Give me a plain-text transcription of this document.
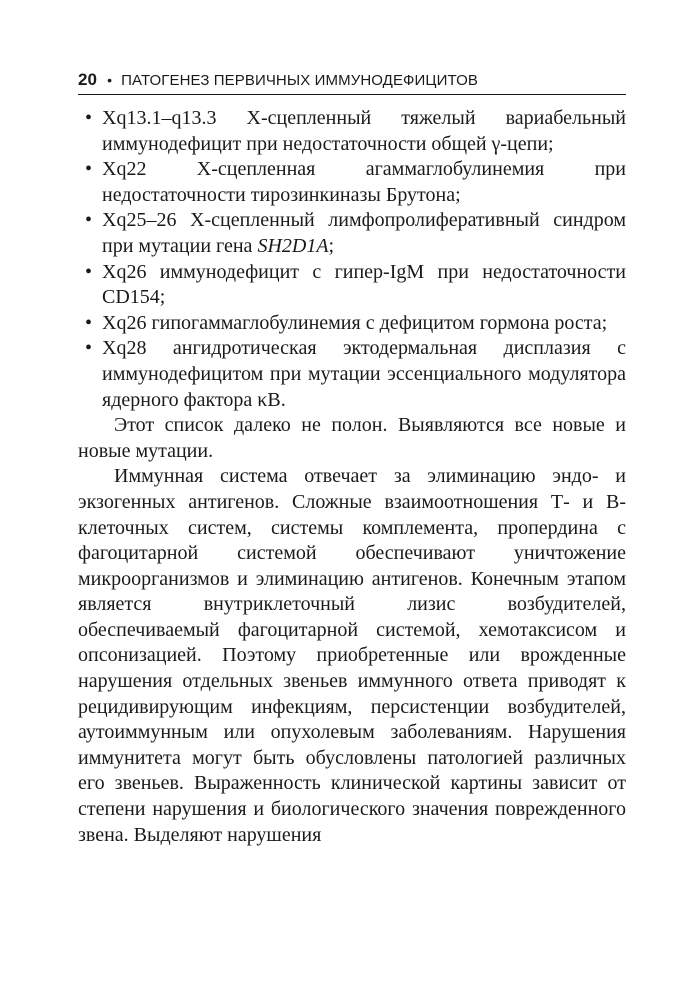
20 • ПАТОГЕНЕЗ ПЕРВИЧНЫХ ИММУНОДЕФИЦИТОВ
• Xq13.1–q13.3 Х-сцепленный тяжелый вариабельный иммунодефицит при недостаточности общей γ-цепи;
• Xq22 Х-сцепленная агаммаглобулинемия при недостаточности тирозинкиназы Брутона;
• Xq25–26 Х-сцепленный лимфопролиферативный синдром при мутации гена SH2D1A;
• Xq26 иммунодефицит с гипер-IgM при недостаточности CD154;
• Xq26 гипогаммаглобулинемия с дефицитом гормона роста;
• Xq28 ангидротическая эктодермальная дисплазия с иммунодефицитом при мутации эссенциального модулятора ядерного фактора κB.

Этот список далеко не полон. Выявляются все новые и новые мутации.

Иммунная система отвечает за элиминацию эндо- и экзогенных антигенов. Сложные взаимоотношения Т- и В-клеточных систем, системы комплемента, пропердина с фагоцитарной системой обеспечивают уничтожение микроорганизмов и элиминацию антигенов. Конечным этапом является внутриклеточный лизис возбудителей, обеспечиваемый фагоцитарной системой, хемотаксисом и опсонизацией. Поэтому приобретенные или врожденные нарушения отдельных звеньев иммунного ответа приводят к рецидивирующим инфекциям, персистенции возбудителей, аутоиммунным или опухолевым заболеваниям. Нарушения иммунитета могут быть обусловлены патологией различных его звеньев. Выраженность клинической картины зависит от степени нарушения и биологического значения поврежденного звена. Выделяют нарушения
